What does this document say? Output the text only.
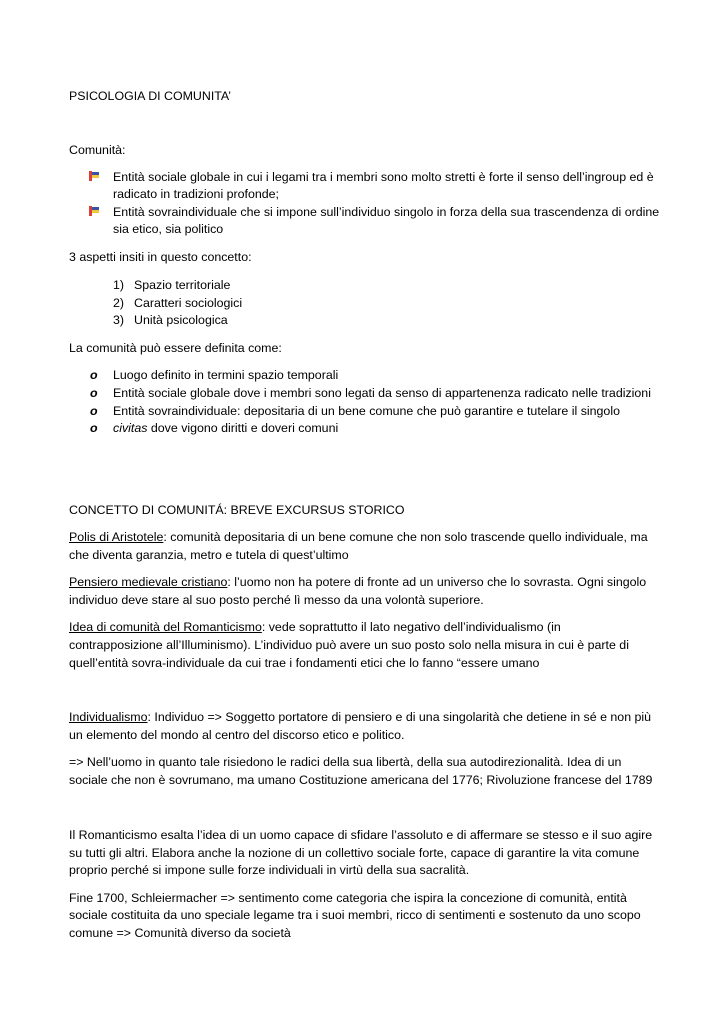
PSICOLOGIA DI COMUNITA’
Comunità:
Entità sociale globale in cui i legami tra i membri sono molto stretti è forte il senso dell’ingroup ed è
radicato in tradizioni profonde;
Entità sovraindividuale che si impone sull’individuo singolo in forza della sua trascendenza di ordine
sia etico, sia politico
3 aspetti insiti in questo concetto:
1) Spazio territoriale
2) Caratteri sociologici
3) Unità psicologica
La comunità può essere definita come:
o Luogo definito in termini spazio temporali
o Entità sociale globale dove i membri sono legati da senso di appartenenza radicato nelle tradizioni
o Entità sovraindividuale: depositaria di un bene comune che può garantire e tutelare il singolo
o civitas dove vigono diritti e doveri comuni
CONCETTO DI COMUNITÁ: BREVE EXCURSUS STORICO
Polis di Aristotele: comunità depositaria di un bene comune che non solo trascende quello individuale, ma
che diventa garanzia, metro e tutela di quest’ultimo
Pensiero medievale cristiano: l’uomo non ha potere di fronte ad un universo che lo sovrasta. Ogni singolo
individuo deve stare al suo posto perché lì messo da una volontà superiore.
Idea di comunità del Romanticismo: vede soprattutto il lato negativo dell’individualismo (in
contrapposizione all’Illuminismo). L’individuo può avere un suo posto solo nella misura in cui è parte di
quell’entità sovra-individuale da cui trae i fondamenti etici che lo fanno “essere umano
Individualismo: Individuo => Soggetto portatore di pensiero e di una singolarità che detiene in sé e non più
un elemento del mondo al centro del discorso etico e politico.
=> Nell’uomo in quanto tale risiedono le radici della sua libertà, della sua autodirezionalità. Idea di un
sociale che non è sovrumano, ma umano Costituzione americana del 1776; Rivoluzione francese del 1789
Il Romanticismo esalta l’idea di un uomo capace di sfidare l’assoluto e di affermare se stesso e il suo agire
su tutti gli altri. Elabora anche la nozione di un collettivo sociale forte, capace di garantire la vita comune
proprio perché si impone sulle forze individuali in virtù della sua sacralità.
Fine 1700, Schleiermacher => sentimento come categoria che ispira la concezione di comunità, entità
sociale costituita da uno speciale legame tra i suoi membri, ricco di sentimenti e sostenuto da uno scopo
comune => Comunità diverso da società
